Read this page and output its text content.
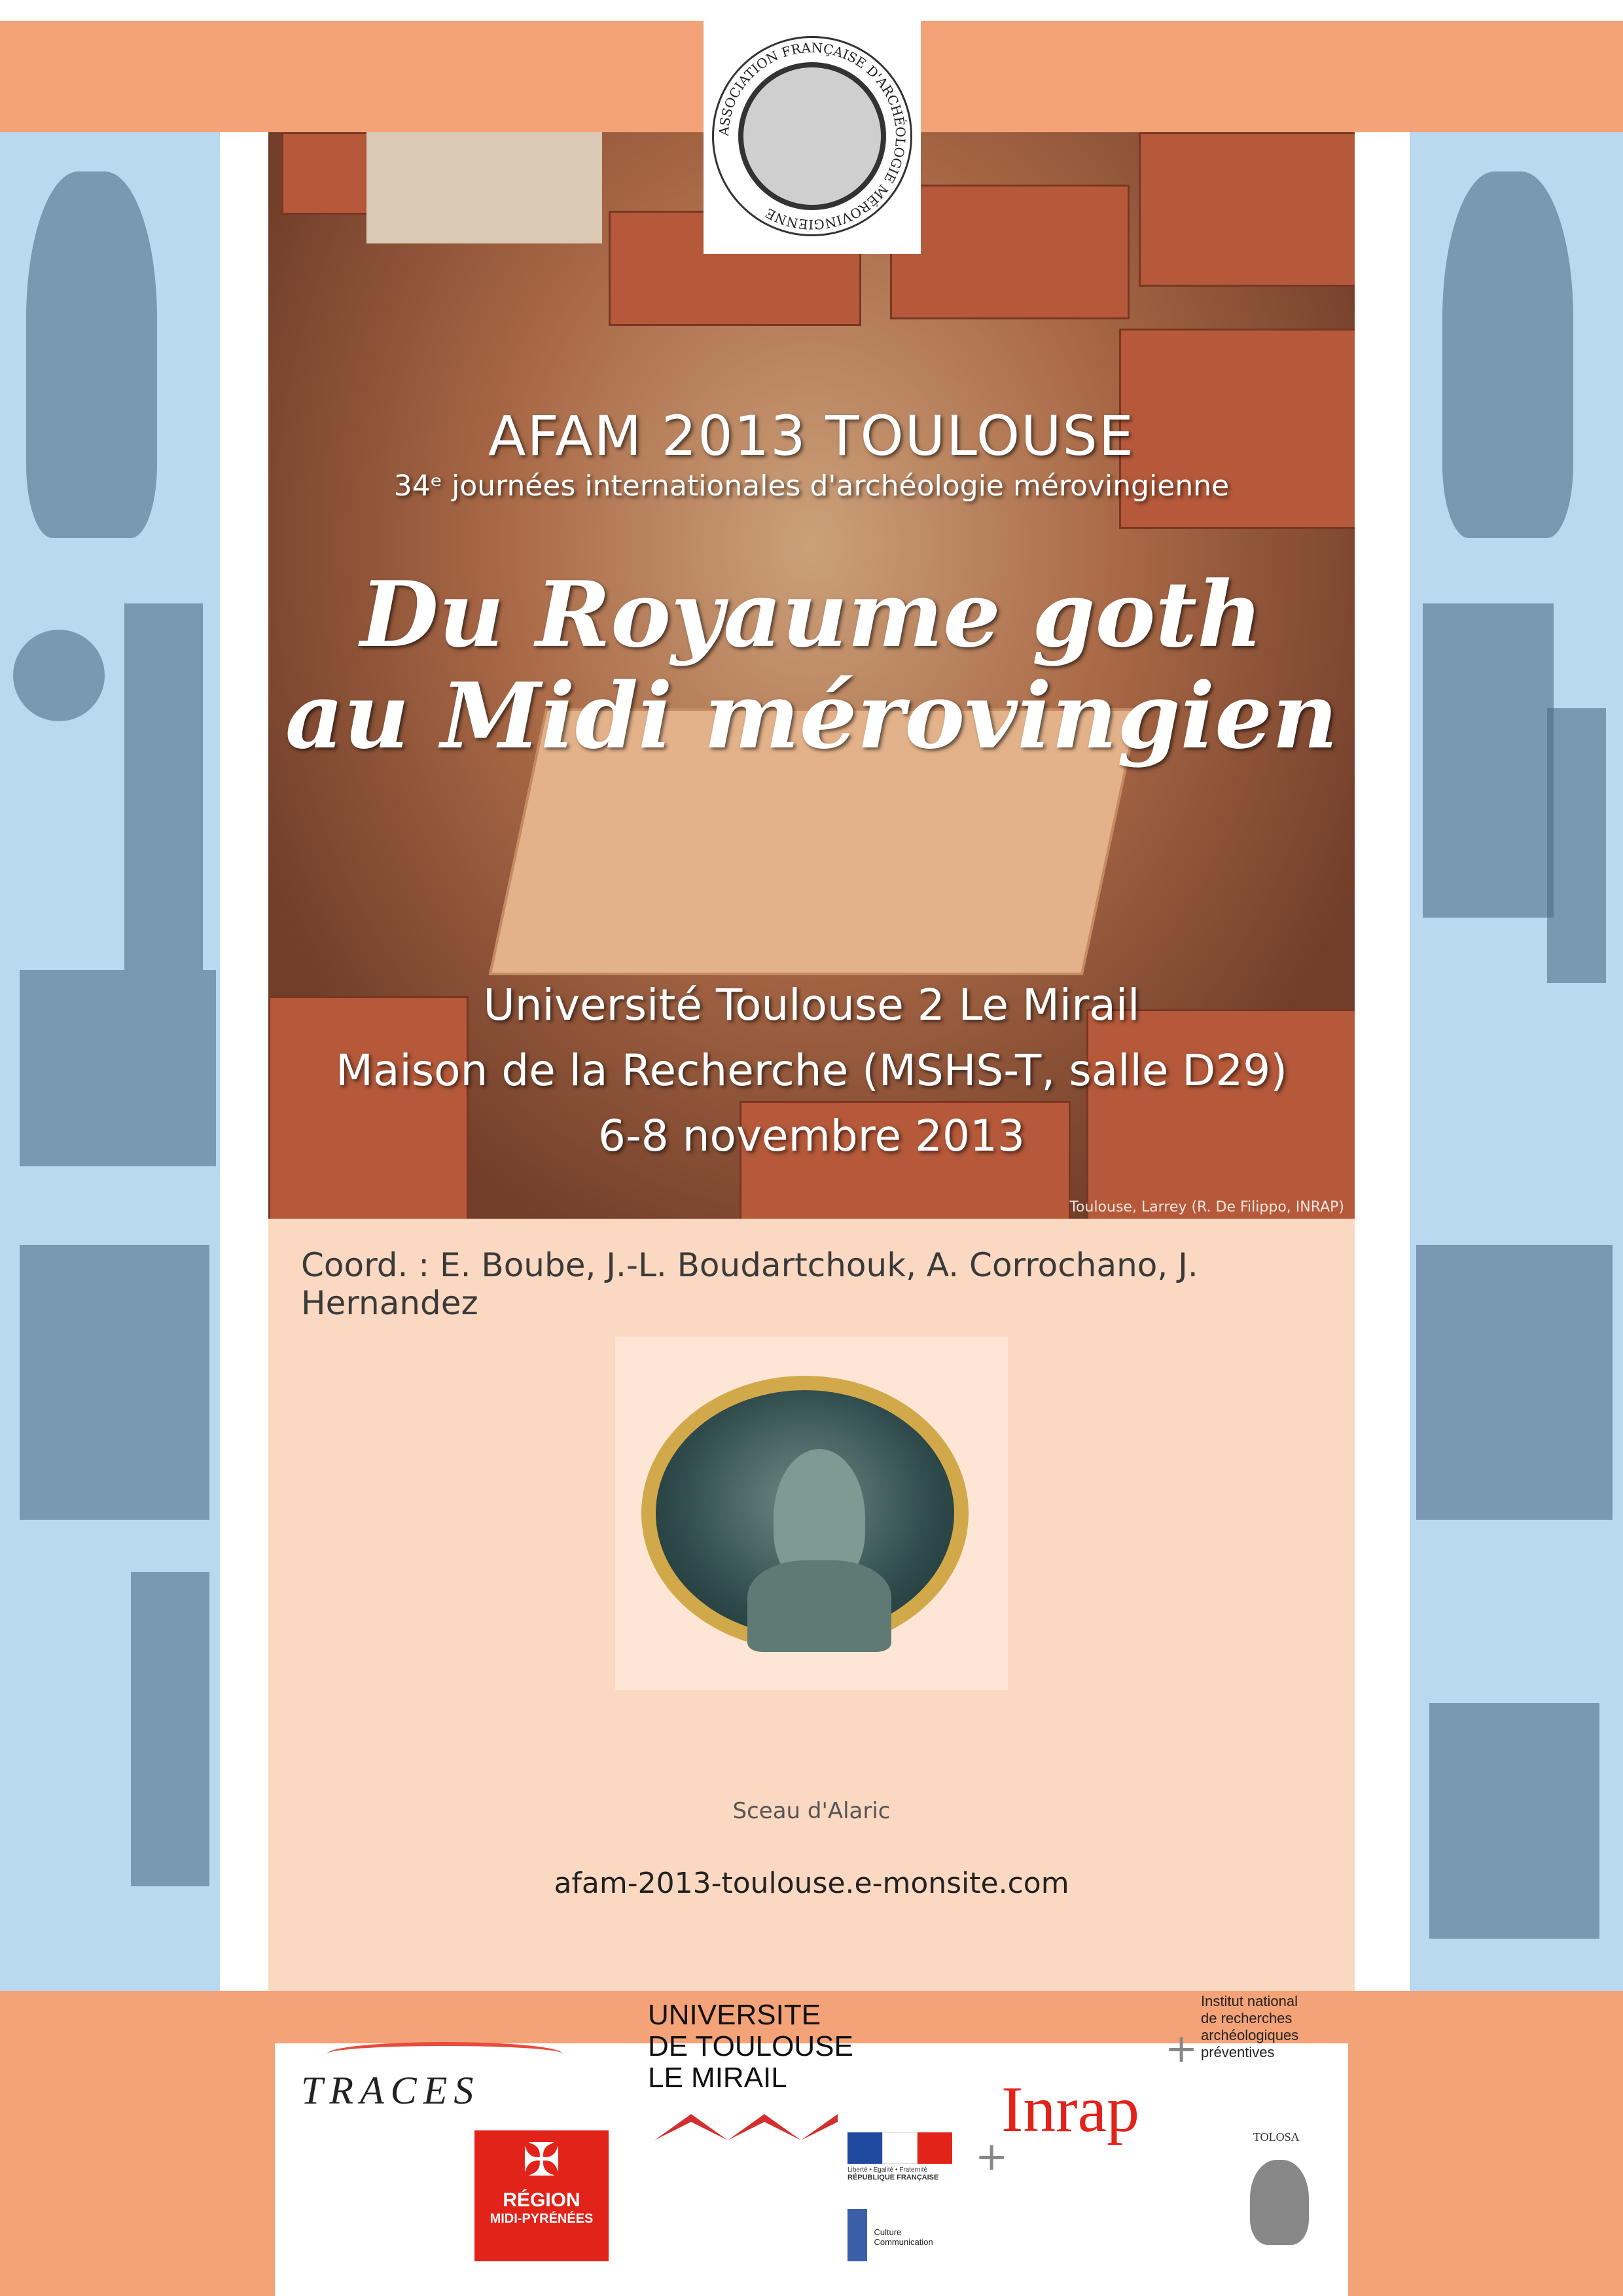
AFAM 2013 TOULOUSE
34ᵉ journées internationales d'archéologie mérovingienne
Du Royaume goth
au Midi mérovingien
Université Toulouse 2 Le Mirail
Maison de la Recherche (MSHS-T, salle D29)
6-8 novembre 2013
Toulouse, Larrey (R. De Filippo, INRAP)
ASSOCIATION FRANÇAISE D'ARCHÉOLOGIE MÉROVINGIENNE
Coord. : E. Boube, J.-L. Boudartchouk, A. Corrochano, J. Hernandez
Sceau d'Alaric
afam-2013-toulouse.e-monsite.com
TRACES
UNIVERSITE
DE TOULOUSE
LE MIRAIL
✠
RÉGION
MIDI-PYRÉNÉES
Liberté • Égalité • Fraternité
RÉPUBLIQUE FRANÇAISE

Culture
Communication
+
+
Inrap
Institut national
de recherches
archéologiques
préventives
TOLOSA
